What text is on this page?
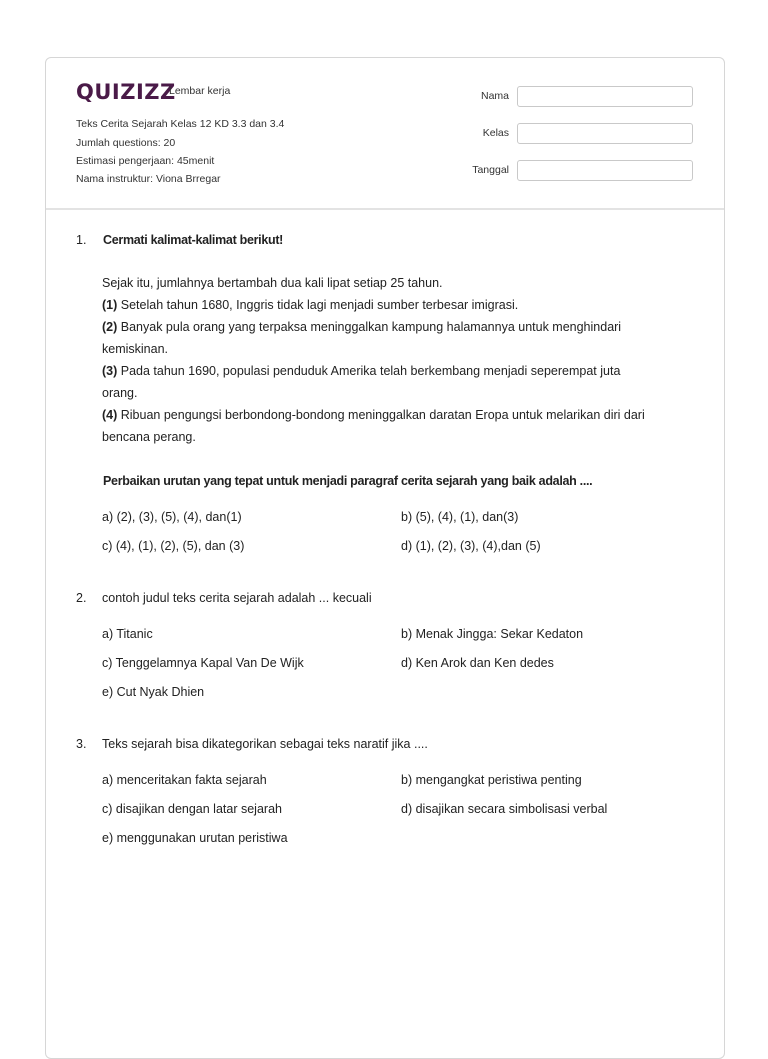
QUIZIZZ
Lembar kerja
Teks Cerita Sejarah Kelas 12 KD 3.3 dan 3.4
Jumlah questions: 20
Estimasi pengerjaan: 45menit
Nama instruktur: Viona Brregar
Nama
Kelas
Tanggal
1. Cermati kalimat-kalimat berikut!
Sejak itu, jumlahnya bertambah dua kali lipat setiap 25 tahun.
(1) Setelah tahun 1680, Inggris tidak lagi menjadi sumber terbesar imigrasi.
(2) Banyak pula orang yang terpaksa meninggalkan kampung halamannya untuk menghindari
kemiskinan.
(3) Pada tahun 1690, populasi penduduk Amerika telah berkembang menjadi seperempat juta
orang.
(4) Ribuan pengungsi berbondong-bondong meninggalkan daratan Eropa untuk melarikan diri dari
bencana perang.
Perbaikan urutan yang tepat untuk menjadi paragraf cerita sejarah yang baik adalah ....
a) (2), (3), (5), (4), dan(1)	b) (5), (4), (1), dan(3)
c) (4), (1), (2), (5), dan (3)	d) (1), (2), (3), (4),dan (5)
2. contoh judul teks cerita sejarah adalah ... kecuali
a) Titanic	b) Menak Jingga: Sekar Kedaton
c) Tenggelamnya Kapal Van De Wijk	d) Ken Arok dan Ken dedes
e) Cut Nyak Dhien
3. Teks sejarah bisa dikategorikan sebagai teks naratif jika ....
a) menceritakan fakta sejarah	b) mengangkat peristiwa penting
c) disajikan dengan latar sejarah	d) disajikan secara simbolisasi verbal
e) menggunakan urutan peristiwa
